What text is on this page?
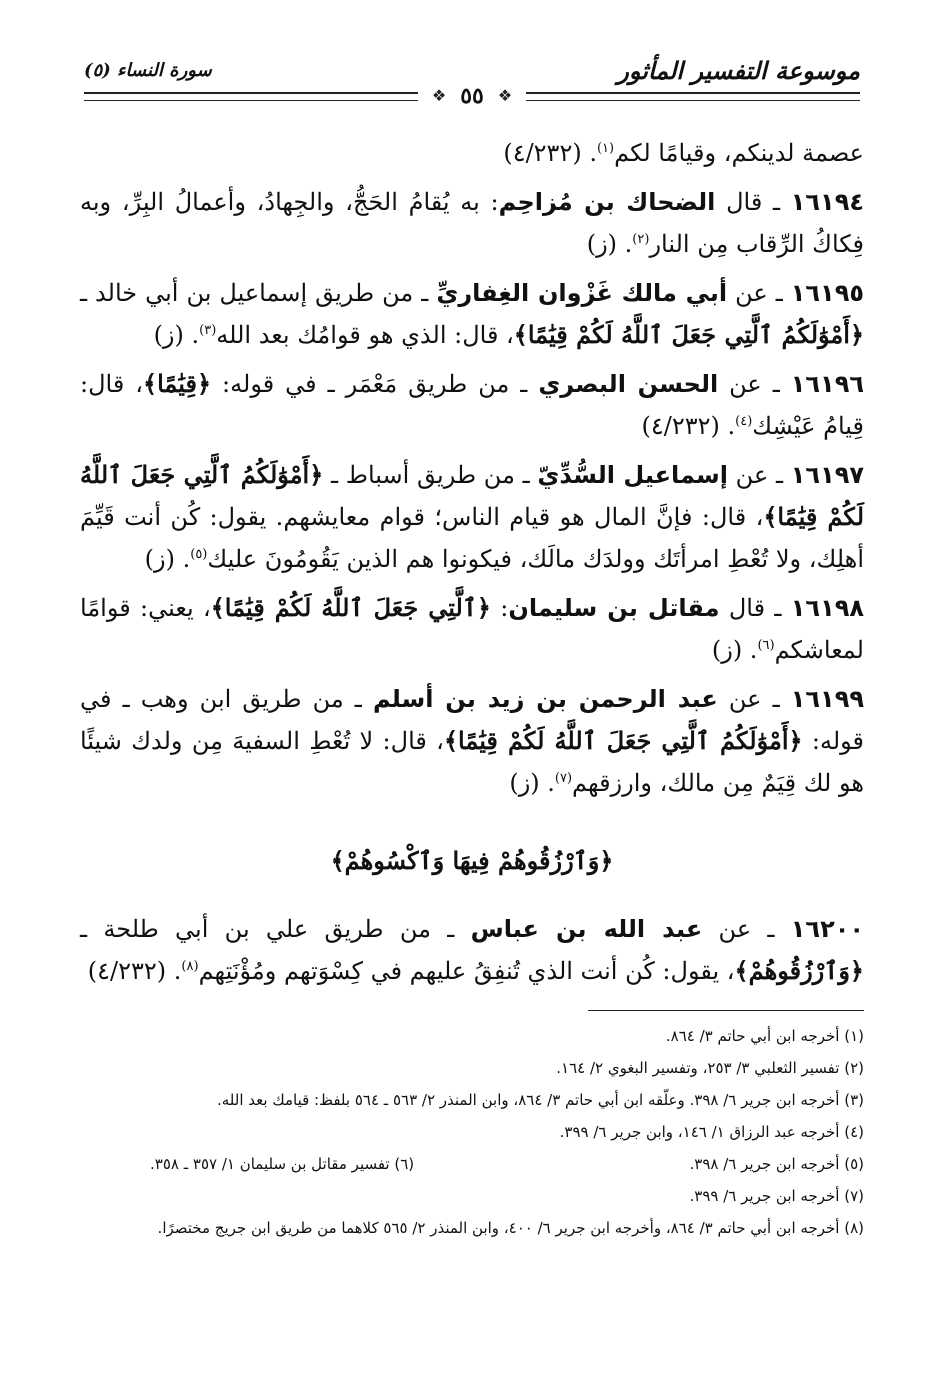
موسوعة التفسير المأثور
سورة النساء (٥)
❖ ٥٥ ❖

عصمة لدينكم، وقيامًا لكم$^{(١)}$. (٤/٢٣٢)

١٦١٩٤ ـ قال الضحاك بن مُزاحِم: به يُقامُ الحَجُّ، والجِهادُ، وأعمالُ البِرِّ، وبه فِكاكُ الرِّقاب مِن النار$^{(٢)}$. (ز)

١٦١٩٥ ـ عن أبي مالك غَزْوان الغِفاريِّ ـ من طريق إسماعيل بن أبي خالد ـ ﴿أَمْوَٰلَكُمُ ٱلَّتِي جَعَلَ ٱللَّهُ لَكُمْ قِيَٰمًا﴾، قال: الذي هو قوامُك بعد الله$^{(٣)}$. (ز)

١٦١٩٦ ـ عن الحسن البصري ـ من طريق مَعْمَر ـ في قوله: ﴿قِيَٰمًا﴾، قال: قِيامُ عَيْشِك$^{(٤)}$. (٤/٢٣٢)

١٦١٩٧ ـ عن إسماعيل السُّدِّيّ ـ من طريق أسباط ـ ﴿أَمْوَٰلَكُمُ ٱلَّتِي جَعَلَ ٱللَّهُ لَكُمْ قِيَٰمًا﴾، قال: فإنَّ المال هو قيام الناس؛ قوام معايشهم. يقول: كُن أنت قَيِّمَ أهلِك، ولا تُعْطِ امرأتَك وولدَك مالَك، فيكونوا هم الذين يَقُومُونَ عليك$^{(٥)}$. (ز)

١٦١٩٨ ـ قال مقاتل بن سليمان: ﴿ٱلَّتِي جَعَلَ ٱللَّهُ لَكُمْ قِيَٰمًا﴾، يعني: قوامًا لمعاشكم$^{(٦)}$. (ز)

١٦١٩٩ ـ عن عبد الرحمن بن زيد بن أسلم ـ من طريق ابن وهب ـ في قوله: ﴿أَمْوَٰلَكُمُ ٱلَّتِي جَعَلَ ٱللَّهُ لَكُمْ قِيَٰمًا﴾، قال: لا تُعْطِ السفيهَ مِن ولدك شيئًا هو لك قِيَمٌ مِن مالك، وارزقهم$^{(٧)}$. (ز)

﴿وَٱرْزُقُوهُمْ فِيهَا وَٱكْسُوهُمْ﴾

١٦٢٠٠ ـ عن عبد الله بن عباس ـ من طريق علي بن أبي طلحة ـ ﴿وَٱرْزُقُوهُمْ﴾، يقول: كُن أنت الذي تُنفِقُ عليهم في كِسْوَتهم ومُؤْنَتِهم$^{(٨)}$. (٤/٢٣٢)

(١) أخرجه ابن أبي حاتم ٣/ ٨٦٤.
(٢) تفسير الثعلبي ٣/ ٢٥٣، وتفسير البغوي ٢/ ١٦٤.
(٣) أخرجه ابن جرير ٦/ ٣٩٨. وعلّقه ابن أبي حاتم ٣/ ٨٦٤، وابن المنذر ٢/ ٥٦٣ ـ ٥٦٤ بلفظ: قيامك بعد الله.
(٤) أخرجه عبد الرزاق ١/ ١٤٦، وابن جرير ٦/ ٣٩٩.
(٥) أخرجه ابن جرير ٦/ ٣٩٨.
(٦) تفسير مقاتل بن سليمان ١/ ٣٥٧ ـ ٣٥٨.
(٧) أخرجه ابن جرير ٦/ ٣٩٩.
(٨) أخرجه ابن أبي حاتم ٣/ ٨٦٤، وأخرجه ابن جرير ٦/ ٤٠٠، وابن المنذر ٢/ ٥٦٥ كلاهما من طريق ابن جريج مختصرًا.
